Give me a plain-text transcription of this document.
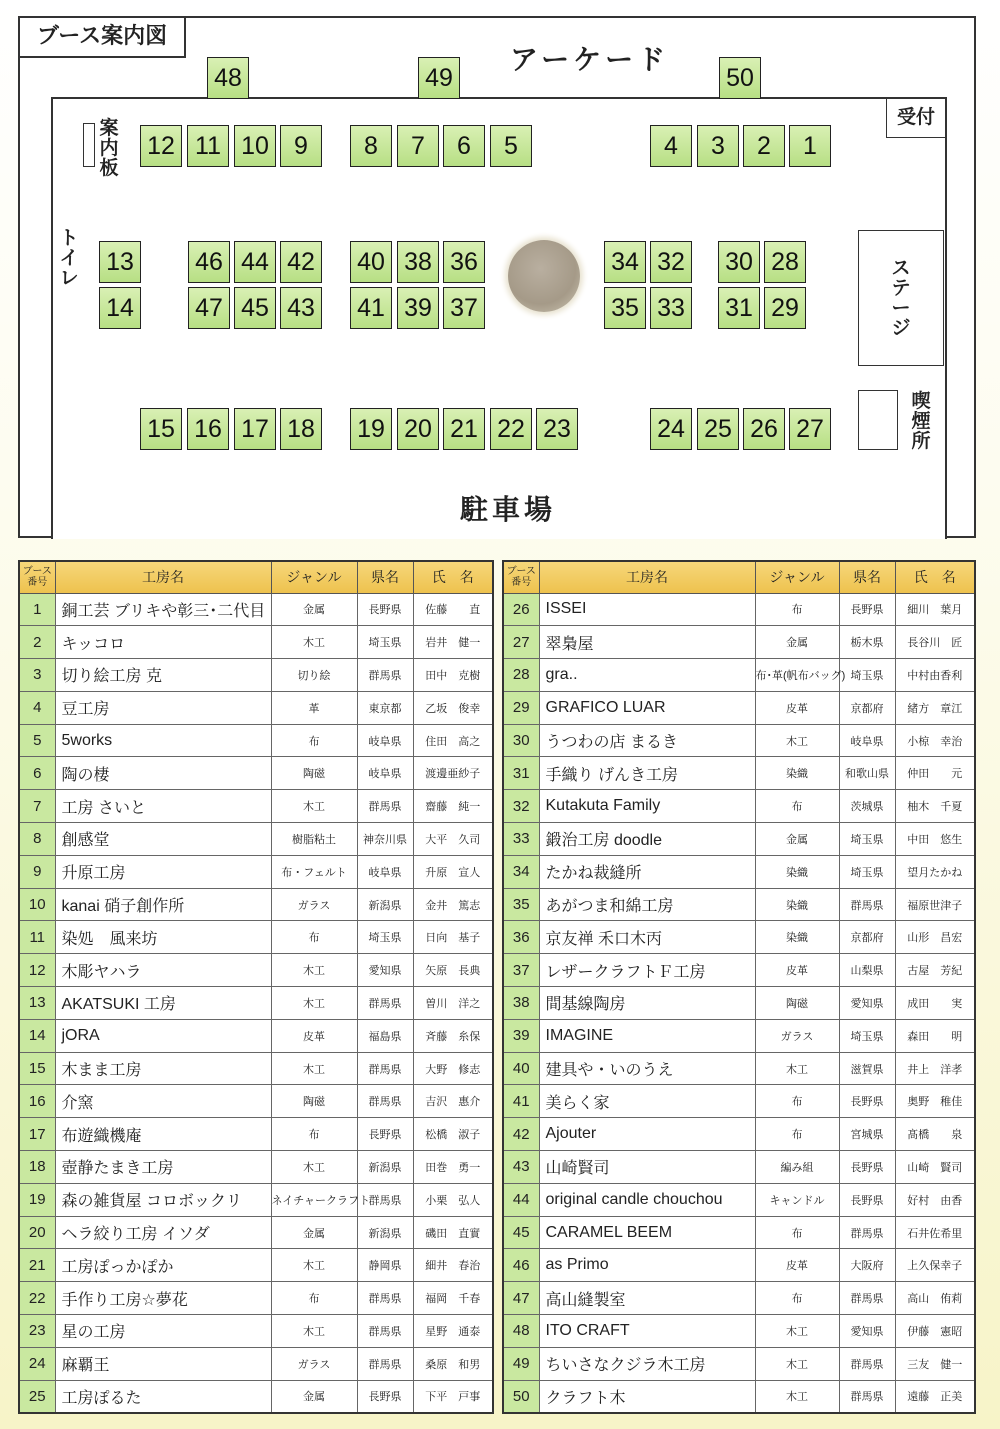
ブース案内図
アーケード
受付
案内板
トイレ	ステージ
喫煙所
48	49	50
12 11 10	9	8	7	6	5	4	3	2	1
13
14
46 44 42
47 45 43
40 38 36
41 39 37
34 32
35 33
30 28
31 29
15 16 17 18 19 20 21 22 23	24 25 26 27
駐車場
ブース番号	工房名	ジャンル	県名	氏　名
1	銅工芸 ブリキや彰三･二代目	金属	長野県	佐藤　　直
2	キッコロ	木工	埼玉県	岩井　健一
3	切り絵工房 克	切り絵	群馬県	田中　克樹
4	豆工房	革	東京都	乙坂　俊幸
5	5works	布	岐阜県	住田　高之
6	陶の棲	陶磁	岐阜県	渡邊亜紗子
7	工房 さいと	木工	群馬県	齋藤　純一
8	創感堂	樹脂粘土	神奈川県	大平　久司
9	升原工房	布・フェルト	岐阜県	升原　宣人
10	kanai 硝子創作所	ガラス	新潟県	金井　篤志
11	染処　風来坊	布	埼玉県	日向　基子
12	木彫ヤハラ	木工	愛知県	矢原　長典
13	AKATSUKI 工房	木工	群馬県	曽川　洋之
14	jORA	皮革	福島県	斉藤　糸保
15	木まま工房	木工	群馬県	大野　修志
16	介窯	陶磁	群馬県	吉沢　惠介
17	布遊織機庵	布	長野県	松橋　淑子
18	壺静たまき工房	木工	新潟県	田巻　勇一
19	森の雑貨屋 コロボックリ	ネイチャークラフト	群馬県	小栗　弘人
20	ヘラ絞り工房 イソダ	金属	新潟県	磯田　直實
21	工房ぽっかぽか	木工	静岡県	細井　春治
22	手作り工房☆夢花	布	群馬県	福岡　千春
23	星の工房	木工	群馬県	星野　通泰
24	麻覇王	ガラス	群馬県	桑原　和男
25	工房ぽるた	金属	長野県	下平　戸事
ブース番号	工房名	ジャンル	県名	氏　名
26	ISSEI	布	長野県	細川　葉月
27	翠梟屋	金属	栃木県	長谷川　匠
28	gra..	布･革(帆布バッグ)	埼玉県	中村由香利
29	GRAFICO LUAR	皮革	京都府	緒方　章江
30	うつわの店 まるき	木工	岐阜県	小椋　幸治
31	手織り げんき工房	染織	和歌山県	仲田　　元
32	Kutakuta Family	布	茨城県	柚木　千夏
33	鍛治工房 doodle	金属	埼玉県	中田　悠生
34	たかね裁縫所	染織	埼玉県	望月たかね
35	あがつま和綿工房	染織	群馬県	福原世津子
36	京友禅 禾口木丙	染織	京都府	山形　昌宏
37	レザークラフトＦ工房	皮革	山梨県	古屋　芳紀
38	間基線陶房	陶磁	愛知県	成田　　実
39	IMAGINE	ガラス	埼玉県	森田　　明
40	建具や・いのうえ	木工	滋賀県	井上　洋孝
41	美らく家	布	長野県	奥野　稚佳
42	Ajouter	布	宮城県	髙橋　　泉
43	山崎賢司	編み組	長野県	山崎　賢司
44	original candle chouchou	キャンドル	長野県	好村　由香
45	CARAMEL BEEM	布	群馬県	石井佐希里
46	as Primo	皮革	大阪府	上久保幸子
47	高山縫製室	布	群馬県	高山　侑莉
48	ITO CRAFT	木工	愛知県	伊藤　憲昭
49	ちいさなクジラ木工房	木工	群馬県	三友　健一
50	クラフト木	木工	群馬県	遠藤　正美
